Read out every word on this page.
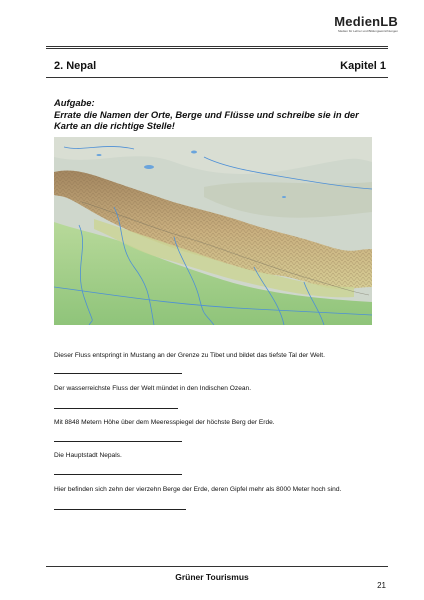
MedienLB
Medien für Lehrer und Bildungseinrichtungen
2. Nepal	Kapitel 1
Aufgabe:
Errate die Namen der Orte, Berge und Flüsse und schreibe sie in der Karte an die richtige Stelle!
Dieser Fluss entspringt in Mustang an der Grenze zu Tibet und bildet das tiefste Tal der Welt.
Der wasserreichste Fluss der Welt mündet in den Indischen Ozean.
Mit 8848 Metern Höhe über dem Meeresspiegel der höchste Berg der Erde.
Die Hauptstadt Nepals.
Hier befinden sich zehn der vierzehn Berge der Erde, deren Gipfel mehr als 8000 Meter hoch sind.
Grüner Tourismus
21
